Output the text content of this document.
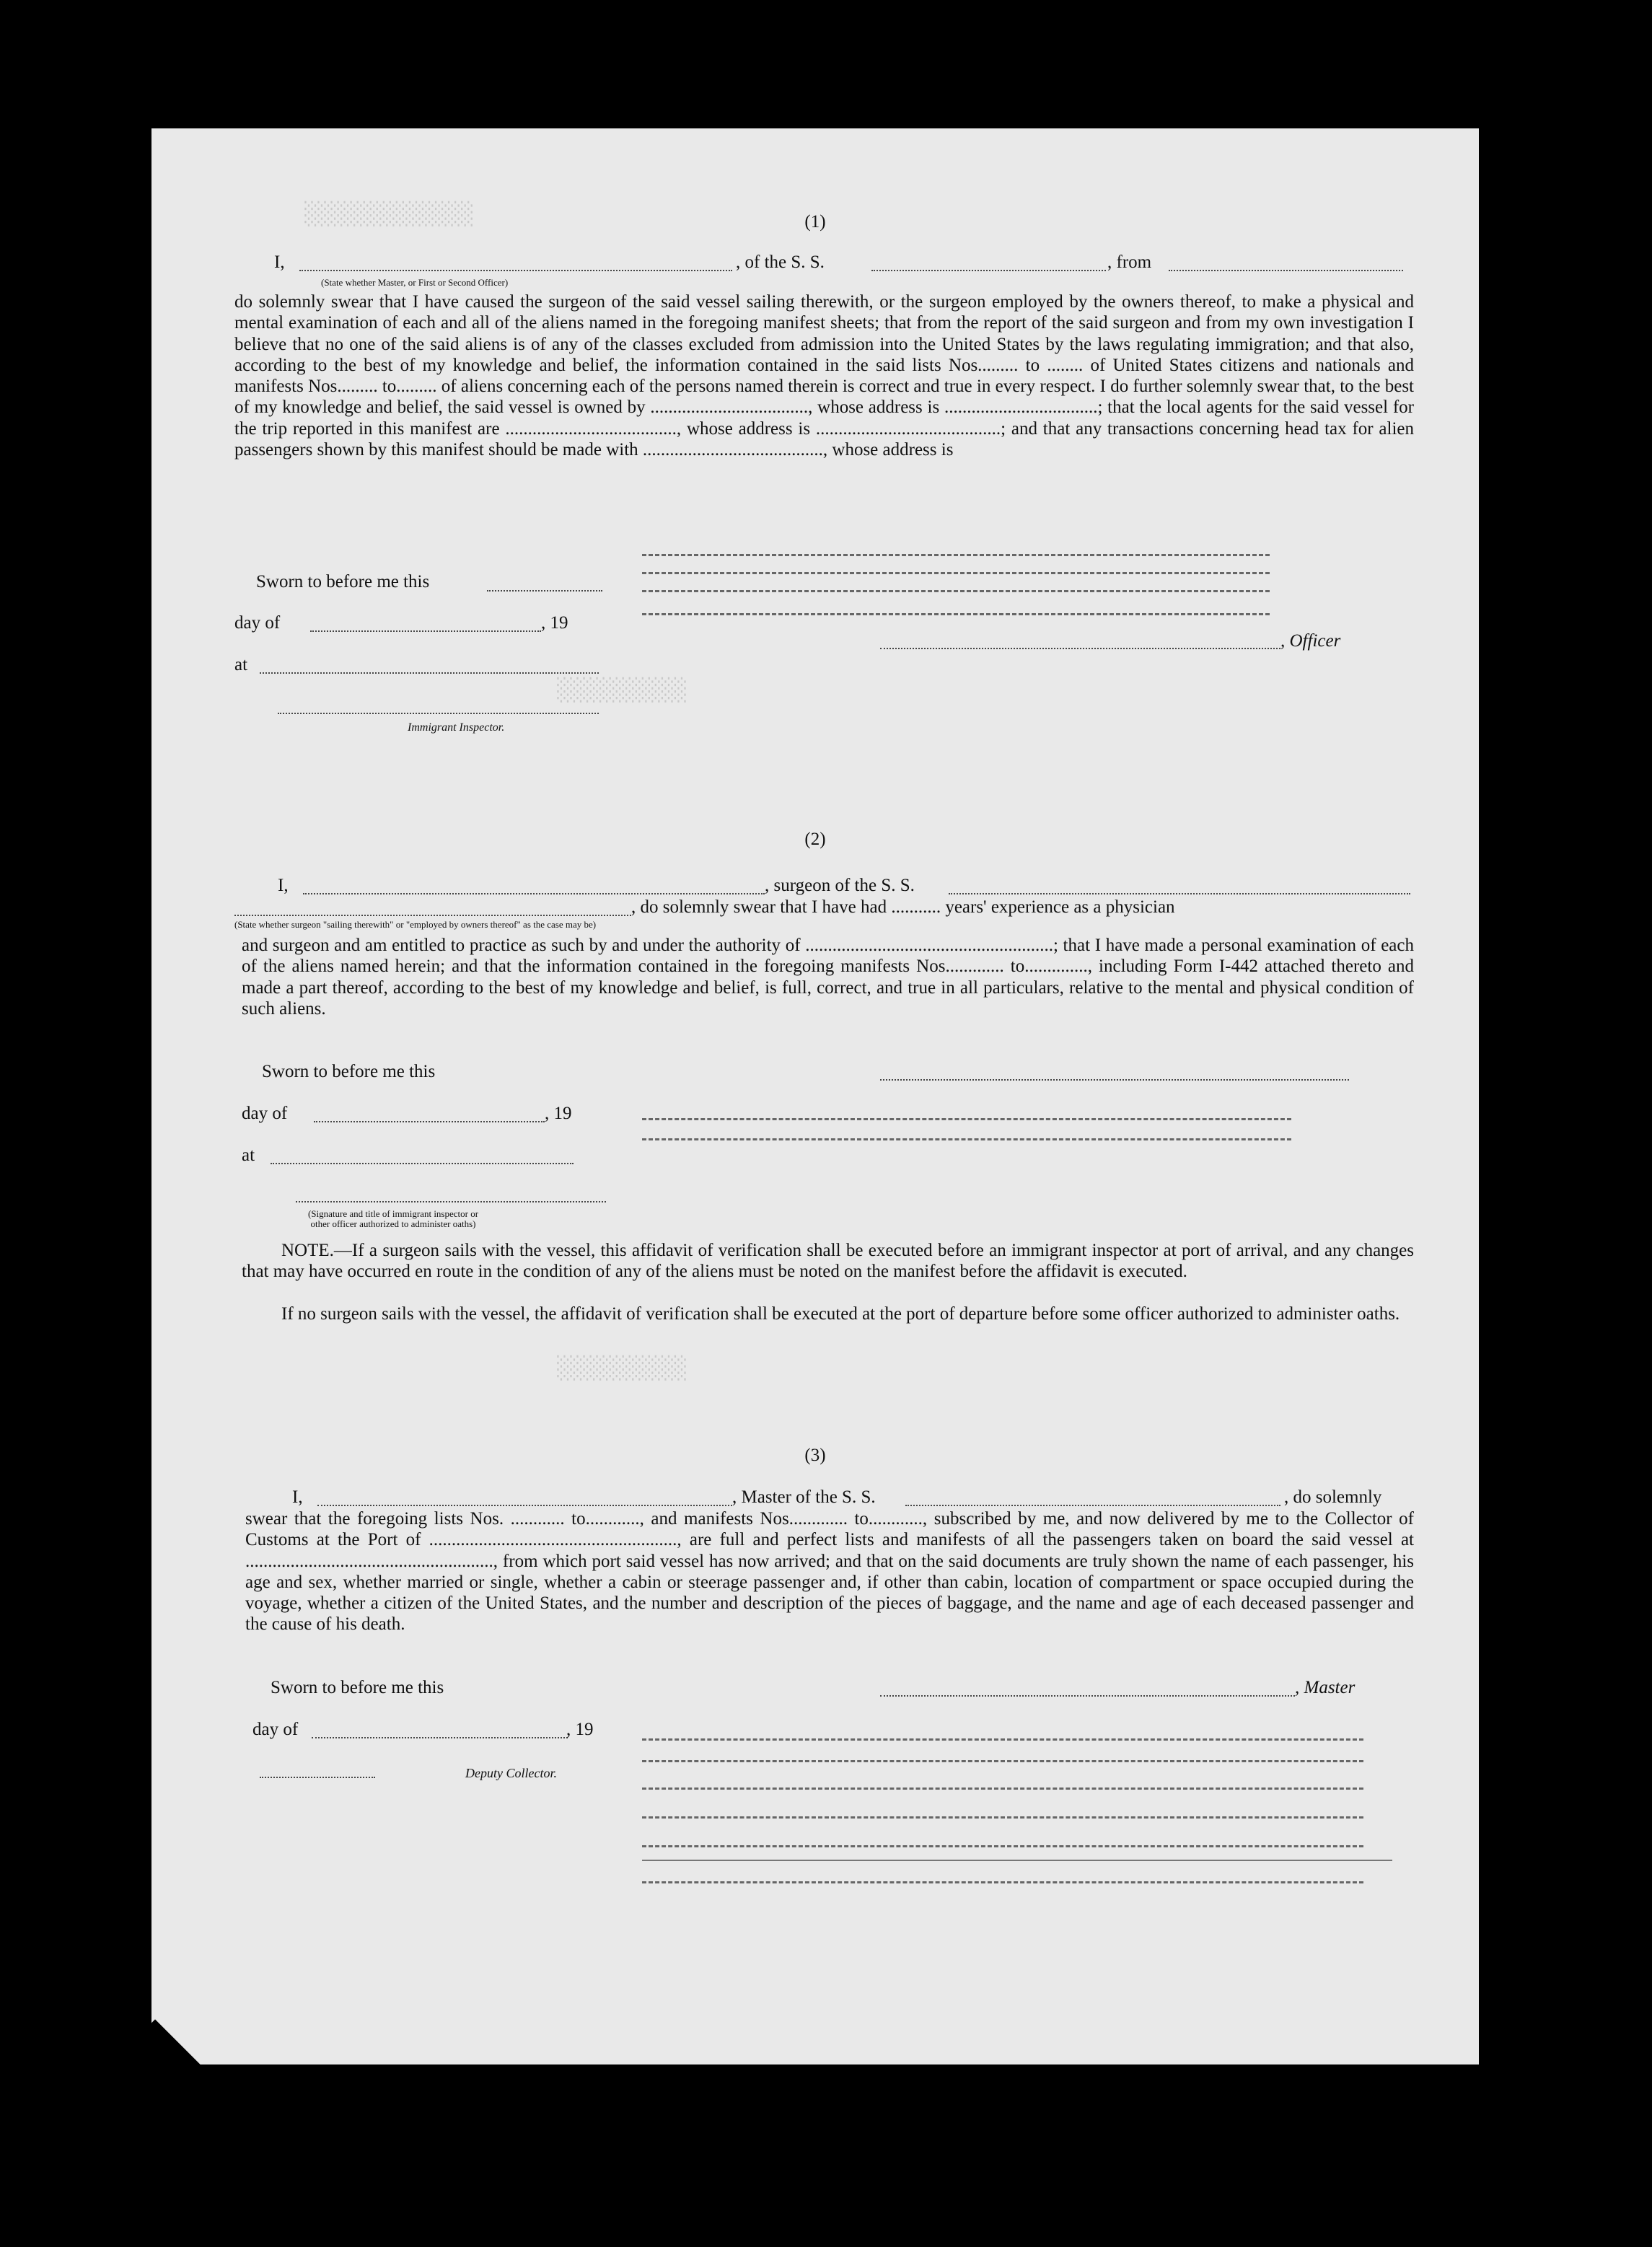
░░░░░░░░░░░░░
░░░░░░░░░░
░░░░░░░░░░
(1)
I,	, of the S. S.	, from
(State whether Master, or First or Second Officer)
do solemnly swear that I have caused the surgeon of the said vessel sailing therewith, or the surgeon employed by the owners thereof, to make a physical and mental examination of each and all of the aliens named in the foregoing manifest sheets; that from the report of the said surgeon and from my own investigation I believe that no one of the said aliens is of any of the classes excluded from admission into the United States by the laws regulating immigration; and that also, according to the best of my knowledge and belief, the information contained in the said lists Nos......... to ........ of United States citizens and nationals and manifests Nos......... to......... of aliens concerning each of the persons named therein is correct and true in every respect. I do further solemnly swear that, to the best of my knowledge and belief, the said vessel is owned by ..................................., whose address is ..................................; that the local agents for the said vessel for the trip reported in this manifest are ......................................, whose address is .........................................; and that any transactions concerning head tax for alien passengers shown by this manifest should be made with ........................................, whose address is
Sworn to before me this
day of	, 19
, Officer
at
Immigrant Inspector.
(2)
I,	, surgeon of the S. S.
, do solemnly swear that I have had ........... years' experience as a physician
(State whether surgeon "sailing therewith" or "employed by owners thereof" as the case may be)
and surgeon and am entitled to practice as such by and under the authority of .......................................................; that I have made a personal examination of each of the aliens named herein; and that the information contained in the foregoing manifests Nos............. to.............., including Form I-442 attached thereto and made a part thereof, according to the best of my knowledge and belief, is full, correct, and true in all particulars, relative to the mental and physical condition of such aliens.
Sworn to before me this
day of	, 19
at
(Signature and title of immigrant inspector or other officer authorized to administer oaths)
NOTE.—If a surgeon sails with the vessel, this affidavit of verification shall be executed before an immigrant inspector at port of arrival, and any changes that may have occurred en route in the condition of any of the aliens must be noted on the manifest before the affidavit is executed.
If no surgeon sails with the vessel, the affidavit of verification shall be executed at the port of departure before some officer authorized to administer oaths.
(3)
I,	, Master of the S. S.	, do solemnly
swear that the foregoing lists Nos. ............ to............, and manifests Nos............. to............, subscribed by me, and now delivered by me to the Collector of Customs at the Port of ......................................................., are full and perfect lists and manifests of all the passengers taken on board the said vessel at ......................................................., from which port said vessel has now arrived; and that on the said documents are truly shown the name of each passenger, his age and sex, whether married or single, whether a cabin or steerage passenger and, if other than cabin, location of compartment or space occupied during the voyage, whether a citizen of the United States, and the number and description of the pieces of baggage, and the name and age of each deceased passenger and the cause of his death.
Sworn to before me this	, Master
day of	, 19
Deputy Collector.
